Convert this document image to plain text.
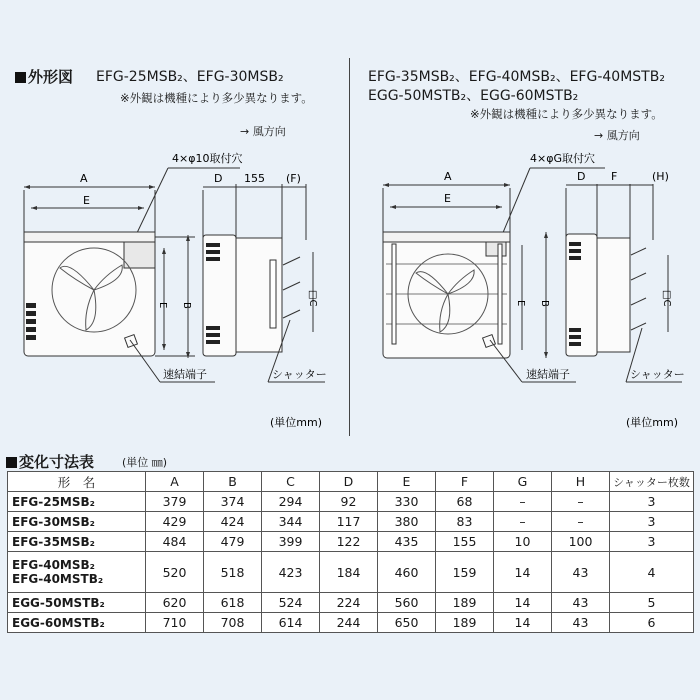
外形図 EFG-25MSB₂、EFG-30MSB₂
※外観は機種により多少異なります。
→ 風方向
EFG-35MSB₂、EFG-40MSB₂、EFG-40MSTB₂
EGG-50MSTB₂、EGG-60MSTB₂
※外観は機種により多少異なります。
→ 風方向
A
E
D 155 (F)
4×φ10取付穴
E B	□C
速結端子	シャッター
(単位mm)
A
E
D F	(H)
4×φG取付穴
E B	□C
速結端子	シャッター
(単位mm)
変化寸法表	(単位 ㎜)
形　名	A	B	C	D	E	F	G	H	シャッター枚数
EFG-25MSB₂	379	374	294	92	330	68	–	–	3
EFG-30MSB₂	429	424	344	117	380	83	–	–	3
EFG-35MSB₂	484	479	399	122	435	155	10	100	3
EFG-40MSB₂
EFG-40MSTB₂	520	518	423	184	460	159	14	43	4
EGG-50MSTB₂	620	618	524	224	560	189	14	43	5
EGG-60MSTB₂	710	708	614	244	650	189	14	43	6
